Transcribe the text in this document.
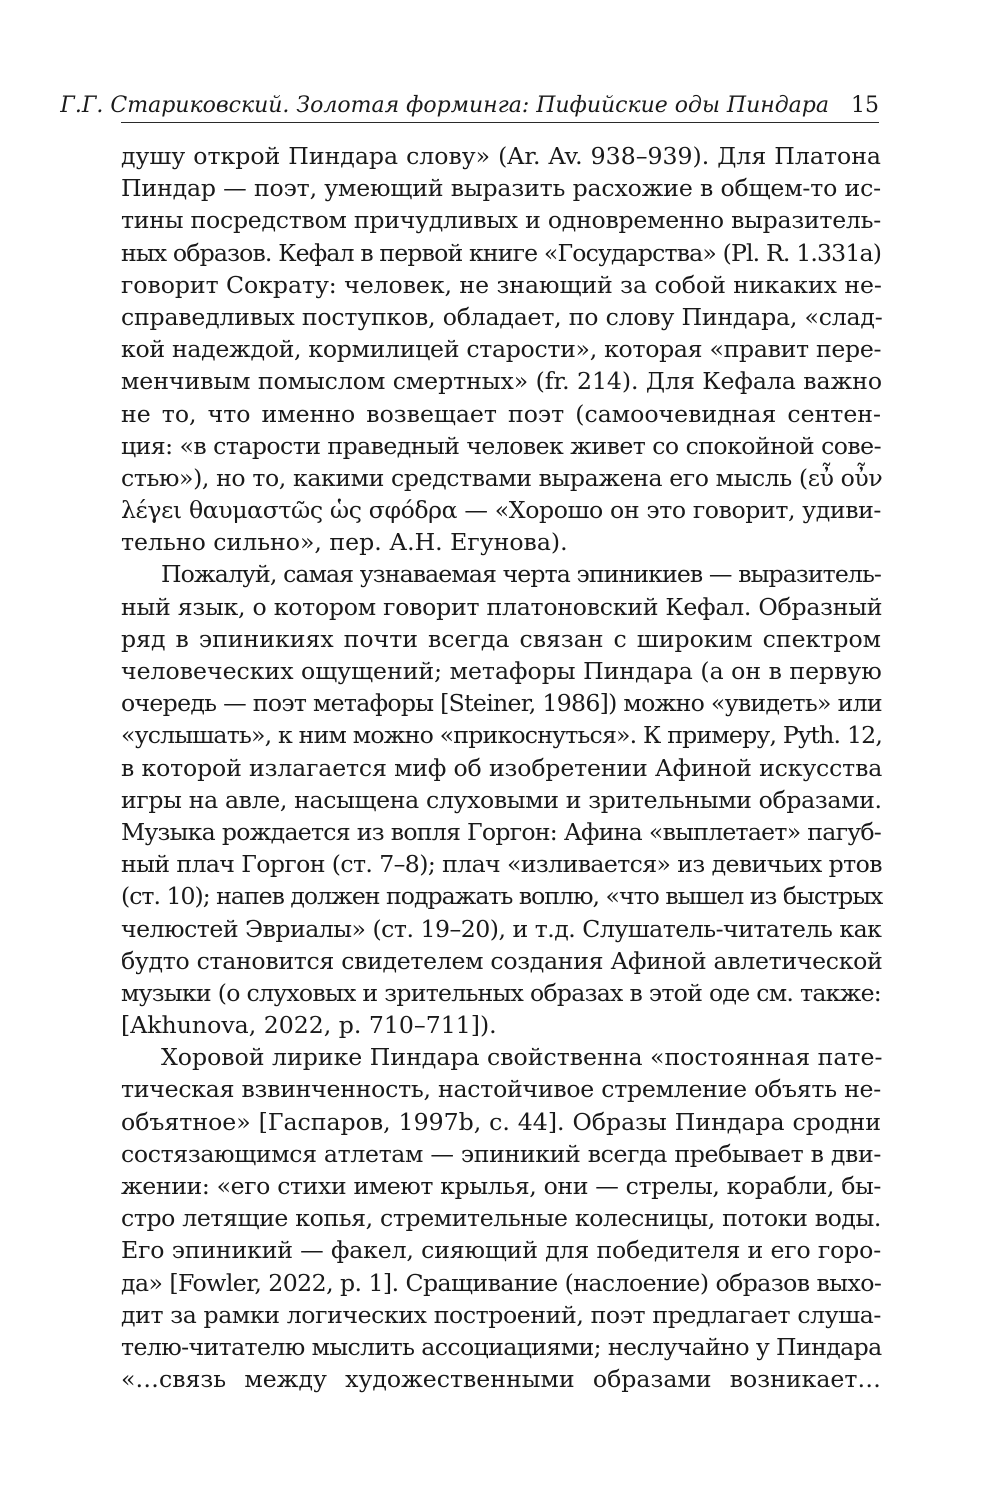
Г.Г. Стариковский. Золотая форминга: Пифийские оды Пиндара 15
душу открой Пиндара слову» (Ar. Av. 938–939). Для Платона
Пиндар — поэт, умеющий выразить расхожие в общем-то ис-
тины посредством причудливых и одновременно выразитель-
ных образов. Кефал в первой книге «Государства» (Pl. R. 1.331a)
говорит Сократу: человек, не знающий за собой никаких не-
справедливых поступков, обладает, по слову Пиндара, «слад-
кой надеждой, кормилицей старости», которая «правит пере-
менчивым помыслом смертных» (fr. 214). Для Кефала важно
не то, что именно возвещает поэт (самоочевидная сентен-
ция: «в старости праведный человек живет со спокойной сове-
стью»), но то, какими средствами выражена его мысль (εὖ οὖν
λέγει θαυμαστῶς ὡς σφόδρα — «Хорошо он это говорит, удиви-
тельно сильно», пер. А.Н. Егунова).
Пожалуй, самая узнаваемая черта эпиникиев — выразитель-
ный язык, о котором говорит платоновский Кефал. Образный
ряд в эпиникиях почти всегда связан с широким спектром
человеческих ощущений; метафоры Пиндара (а он в первую
очередь — поэт метафоры [Steiner, 1986]) можно «увидеть» или
«услышать», к ним можно «прикоснуться». К примеру, Pyth. 12,
в которой излагается миф об изобретении Афиной искусства
игры на авле, насыщена слуховыми и зрительными образами.
Музыка рождается из вопля Горгон: Афина «выплетает» пагуб-
ный плач Горгон (ст. 7–8); плач «изливается» из девичьих ртов
(ст. 10); напев должен подражать воплю, «что вышел из быстрых
челюстей Эвриалы» (ст. 19–20), и т.д. Слушатель-читатель как
будто становится свидетелем создания Афиной авлетической
музыки (о слуховых и зрительных образах в этой оде см. также:
[Akhunova, 2022, p. 710–711]).
Хоровой лирике Пиндара свойственна «постоянная пате-
тическая взвинченность, настойчивое стремление объять не-
объятное» [Гаспаров, 1997b, с. 44]. Образы Пиндара сродни
состязающимся атлетам — эпиникий всегда пребывает в дви-
жении: «его стихи имеют крылья, они — стрелы, корабли, бы-
стро летящие копья, стремительные колесницы, потоки воды.
Его эпиникий — факел, сияющий для победителя и его горо-
да» [Fowler, 2022, p. 1]. Сращивание (наслоение) образов выхо-
дит за рамки логических построений, поэт предлагает слуша-
телю-читателю мыслить ассоциациями; неслучайно у Пиндара
«…связь между художественными образами возникает…
